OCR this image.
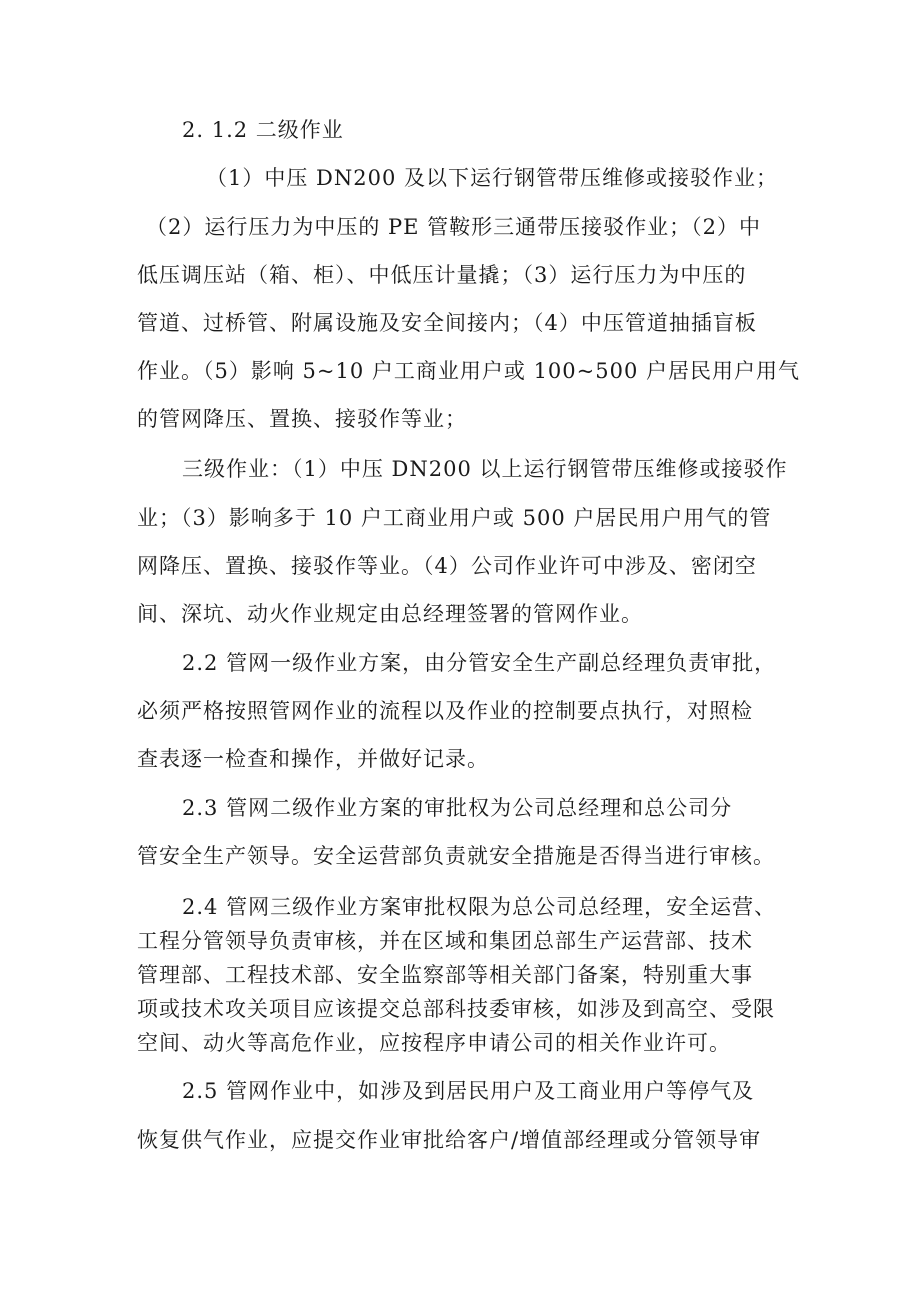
2. 1.2 二级作业
（1）中压 DN200 及以下运行钢管带压维修或接驳作业；
（2）运行压力为中压的 PE 管鞍形三通带压接驳作业；（2）中
低压调压站（箱、柜）、中低压计量撬；（3）运行压力为中压的
管道、过桥管、附属设施及安全间接内；（4）中压管道抽插盲板
作业。（5）影响 5~10 户工商业用户或 100~500 户居民用户用气
的管网降压、置换、接驳作等业；
三级作业：（1）中压 DN200 以上运行钢管带压维修或接驳作
业；（3）影响多于 10 户工商业用户或 500 户居民用户用气的管
网降压、置换、接驳作等业。（4）公司作业许可中涉及、密闭空
间、深坑、动火作业规定由总经理签署的管网作业。
2.2 管网一级作业方案，由分管安全生产副总经理负责审批，
必须严格按照管网作业的流程以及作业的控制要点执行，对照检
查表逐一检查和操作，并做好记录。
2.3 管网二级作业方案的审批权为公司总经理和总公司分
管安全生产领导。安全运营部负责就安全措施是否得当进行审核。
2.4 管网三级作业方案审批权限为总公司总经理，安全运营、
工程分管领导负责审核，并在区域和集团总部生产运营部、技术
管理部、工程技术部、安全监察部等相关部门备案，特别重大事
项或技术攻关项目应该提交总部科技委审核，如涉及到高空、受限
空间、动火等高危作业，应按程序申请公司的相关作业许可。
2.5 管网作业中，如涉及到居民用户及工商业用户等停气及
恢复供气作业，应提交作业审批给客户/增值部经理或分管领导审
